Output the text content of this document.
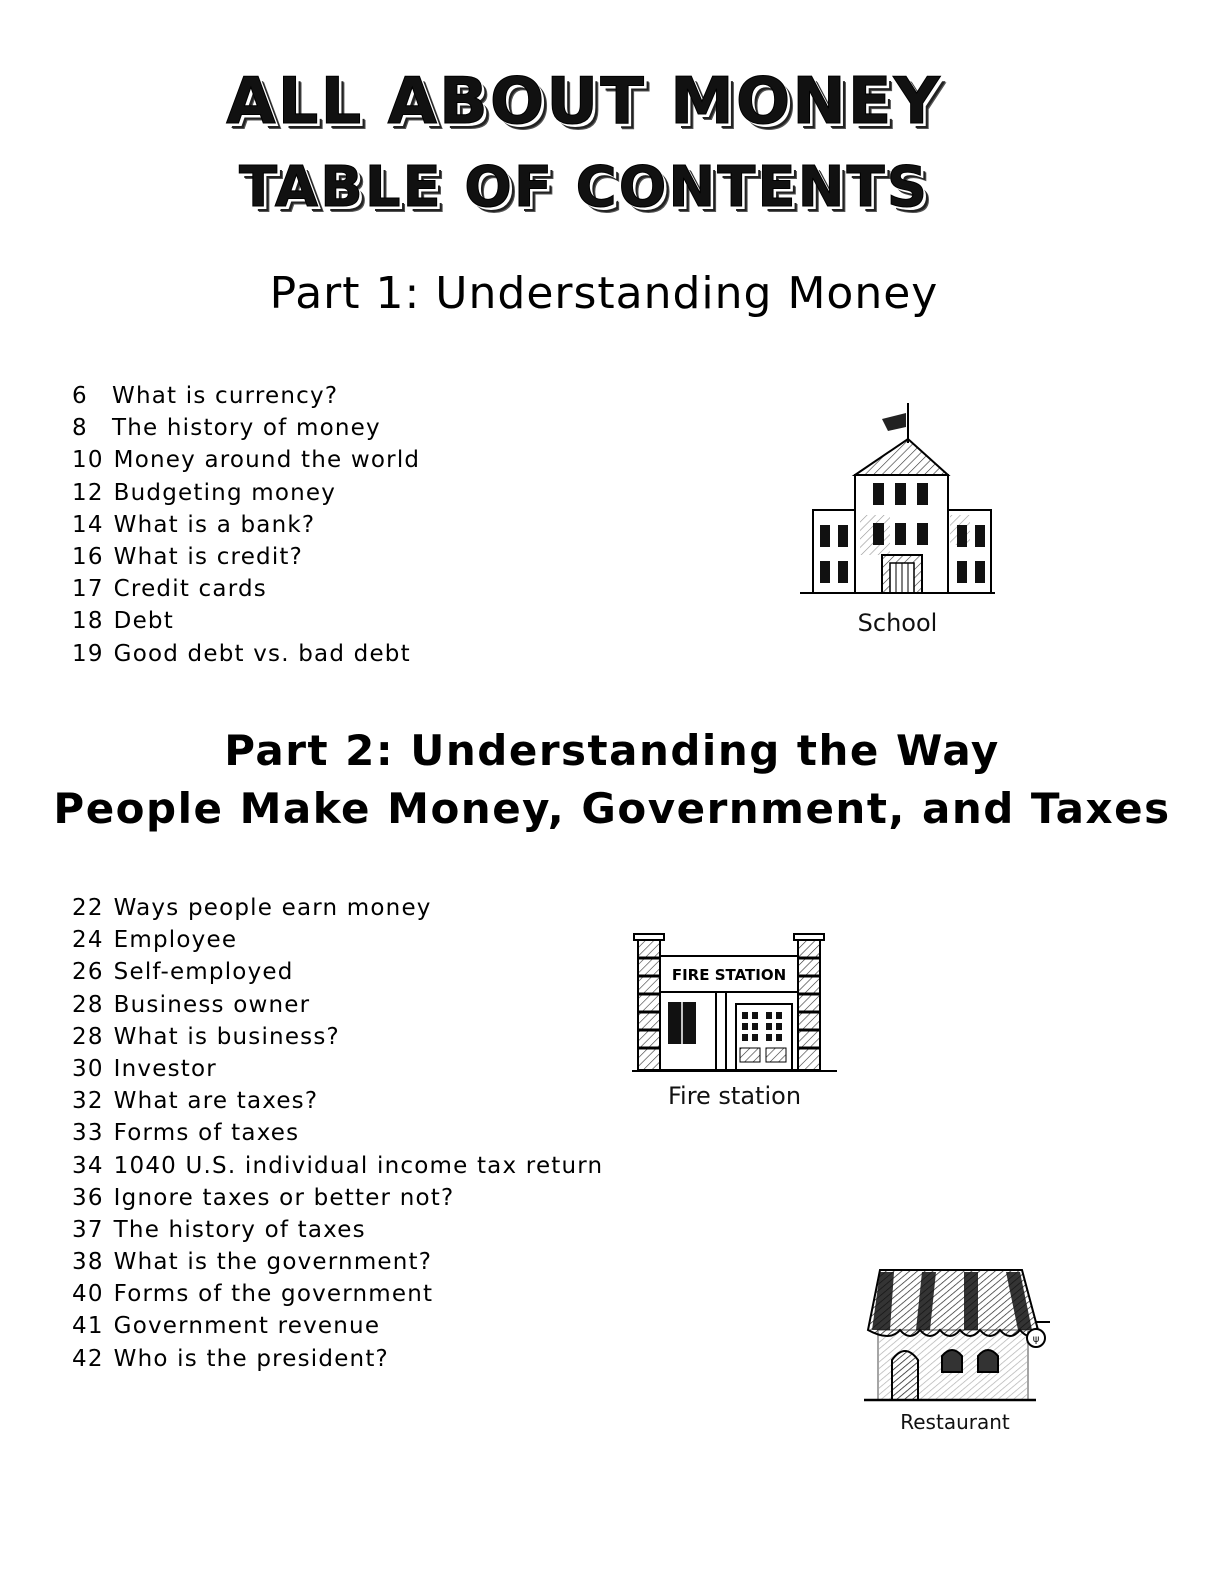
ALL ABOUT MONEY
TABLE OF CONTENTS
Part 1: Understanding Money
6 What is currency?
8 The history of money
10 Money around the world
12 Budgeting money
14 What is a bank?
16 What is credit?
17 Credit cards
18 Debt
19 Good debt vs. bad debt
School
Part 2: Understanding the Way
People Make Money, Government, and Taxes
22 Ways people earn money
24 Employee
26 Self-employed
28 Business owner
28 What is business?
30 Investor
32 What are taxes?
33 Forms of taxes
34 1040 U.S. individual income tax return
36 Ignore taxes or better not?
37 The history of taxes
38 What is the government?
40 Forms of the government
41 Government revenue
42 Who is the president?
FIRE STATION
Fire station
ψ
Restaurant
